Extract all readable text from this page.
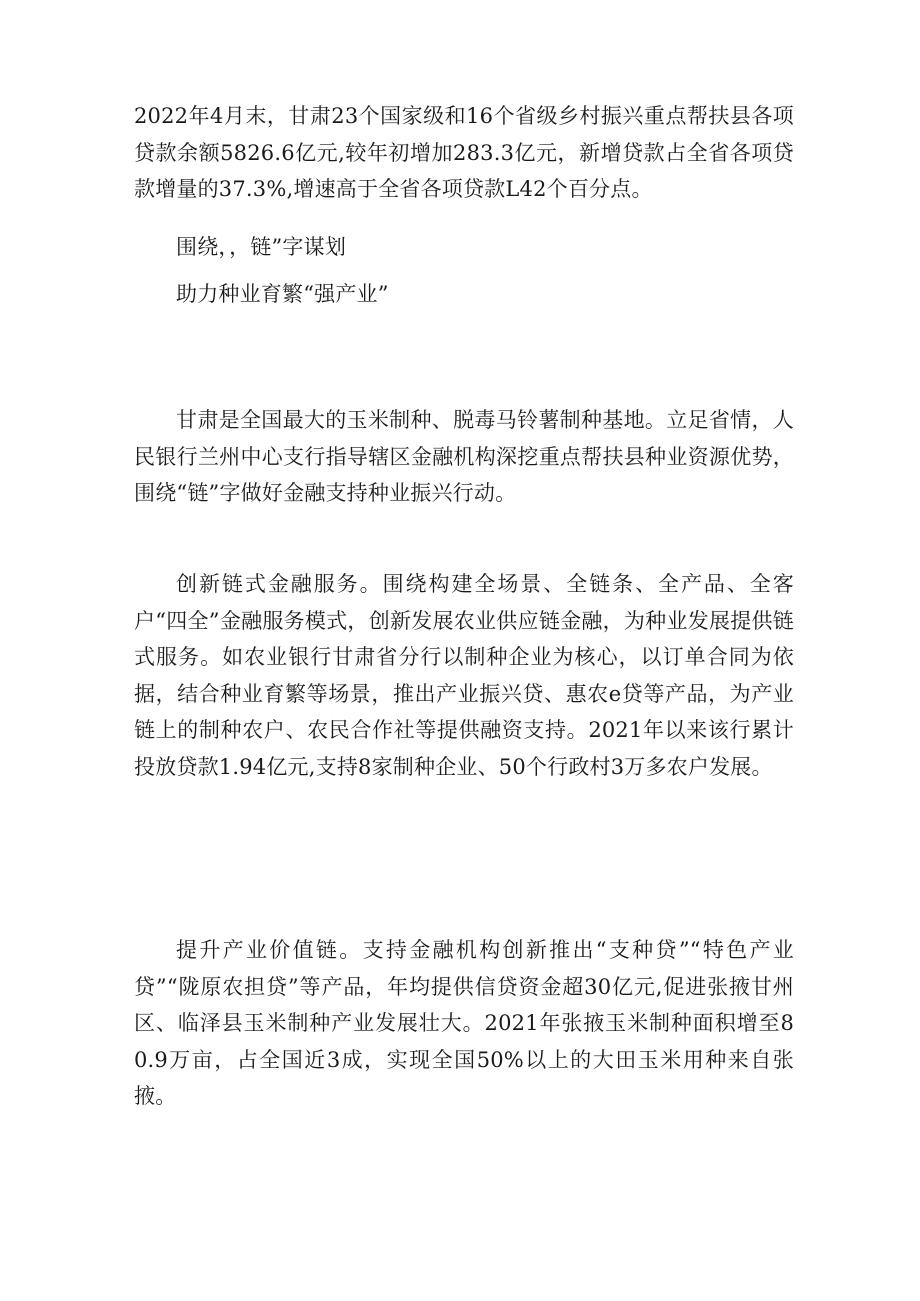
2022年4月末，甘肃23个国家级和16个省级乡村振兴重点帮扶县各项贷款余额5826.6亿元,较年初增加283.3亿元，新增贷款占全省各项贷款增量的37.3%,增速高于全省各项贷款L42个百分点。

围绕，，链”字谋划

助力种业育繁“强产业”

甘肃是全国最大的玉米制种、脱毒马铃薯制种基地。立足省情，人民银行兰州中心支行指导辖区金融机构深挖重点帮扶县种业资源优势，围绕“链”字做好金融支持种业振兴行动。

创新链式金融服务。围绕构建全场景、全链条、全产品、全客户“四全”金融服务模式，创新发展农业供应链金融，为种业发展提供链式服务。如农业银行甘肃省分行以制种企业为核心，以订单合同为依据，结合种业育繁等场景，推出产业振兴贷、惠农e贷等产品，为产业链上的制种农户、农民合作社等提供融资支持。2021年以来该行累计投放贷款1.94亿元,支持8家制种企业、50个行政村3万多农户发展。

提升产业价值链。支持金融机构创新推出“支种贷”“特色产业贷”“陇原农担贷”等产品，年均提供信贷资金超30亿元,促进张掖甘州区、临泽县玉米制种产业发展壮大。2021年张掖玉米制种面积增至80.9万亩，占全国近3成，实现全国50%以上的大田玉米用种来自张掖。
